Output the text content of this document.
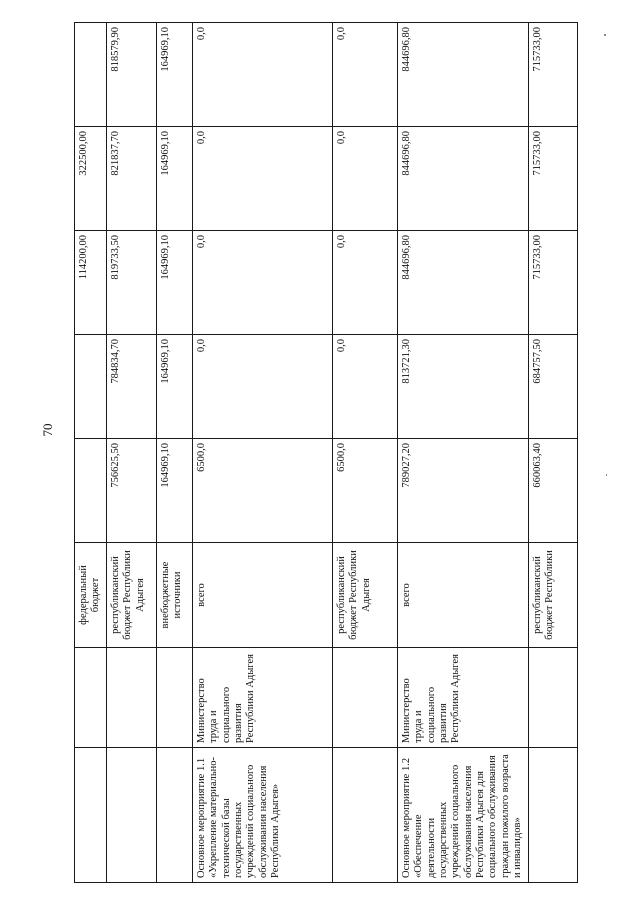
70
		федеральный бюджет			114200,00	322500,00	
		республиканский бюджет Республики Адыгея	756625,50	784834,70	819733,50	821837,70	818579,90
		внебюджетные источники	164969,10	164969,10	164969,10	164969,10	164969,10
Основное мероприятие 1.1 «Укрепление материально-технической базы государственных учреждений социального обслуживания населения Республики Адыгея»	Министерство труда и социального развития Республики Адыгея	всего	6500,0	0,0	0,0	0,0	0,0
		республиканский бюджет Республики Адыгея	6500,0	0,0	0,0	0,0	0,0
Основное мероприятие 1.2 «Обеспечение деятельности государственных учреждений социального обслуживания населения Республики Адыгея для социального обслуживания граждан пожилого возраста и инвалидов»	Министерство труда и социального развития Республики Адыгея	всего	789027,20	813721,30	844696,80	844696,80	844696,80
		республиканский бюджет Республики	660063,40	684757,50	715733,00	715733,00	715733,00
